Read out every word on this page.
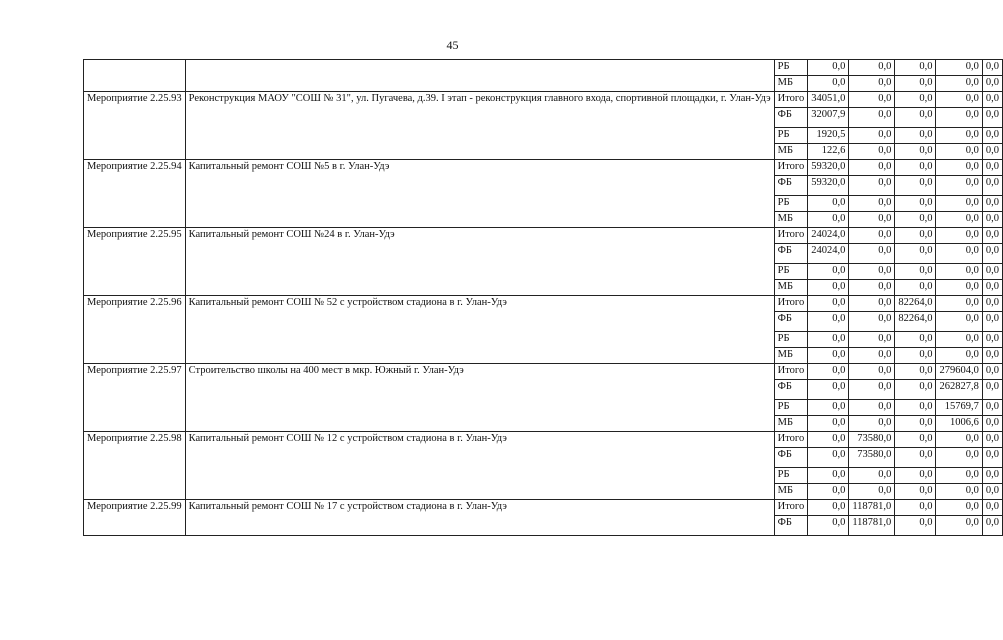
45
		РБ	0,0	0,0	0,0	0,0	0,0
		МБ	0,0	0,0	0,0	0,0	0,0
Мероприятие 2.25.93	Реконструкция МАОУ "СОШ № 31", ул. Пугачева, д.39. I этап - реконструкция главного входа, спортивной площадки, г. Улан-Удэ	Итого	34051,0	0,0	0,0	0,0	0,0
		ФБ	32007,9	0,0	0,0	0,0	0,0
		РБ	1920,5	0,0	0,0	0,0	0,0
		МБ	122,6	0,0	0,0	0,0	0,0
Мероприятие 2.25.94	Капитальный ремонт СОШ №5 в г. Улан-Удэ	Итого	59320,0	0,0	0,0	0,0	0,0
		ФБ	59320,0	0,0	0,0	0,0	0,0
		РБ	0,0	0,0	0,0	0,0	0,0
		МБ	0,0	0,0	0,0	0,0	0,0
Мероприятие 2.25.95	Капитальный ремонт СОШ №24 в г. Улан-Удэ	Итого	24024,0	0,0	0,0	0,0	0,0
		ФБ	24024,0	0,0	0,0	0,0	0,0
		РБ	0,0	0,0	0,0	0,0	0,0
		МБ	0,0	0,0	0,0	0,0	0,0
Мероприятие 2.25.96	Капитальный ремонт СОШ № 52 с устройством стадиона в г. Улан-Удэ	Итого	0,0	0,0	82264,0	0,0	0,0
		ФБ	0,0	0,0	82264,0	0,0	0,0
		РБ	0,0	0,0	0,0	0,0	0,0
		МБ	0,0	0,0	0,0	0,0	0,0
Мероприятие 2.25.97	Строительство школы на 400 мест в мкр. Южный г. Улан-Удэ	Итого	0,0	0,0	0,0	279604,0	0,0
		ФБ	0,0	0,0	0,0	262827,8	0,0
		РБ	0,0	0,0	0,0	15769,7	0,0
		МБ	0,0	0,0	0,0	1006,6	0,0
Мероприятие 2.25.98	Капитальный ремонт СОШ № 12 с устройством стадиона в г. Улан-Удэ	Итого	0,0	73580,0	0,0	0,0	0,0
		ФБ	0,0	73580,0	0,0	0,0	0,0
		РБ	0,0	0,0	0,0	0,0	0,0
		МБ	0,0	0,0	0,0	0,0	0,0
Мероприятие 2.25.99	Капитальный ремонт СОШ № 17 с устройством стадиона в г. Улан-Удэ	Итого	0,0	118781,0	0,0	0,0	0,0
		ФБ	0,0	118781,0	0,0	0,0	0,0
